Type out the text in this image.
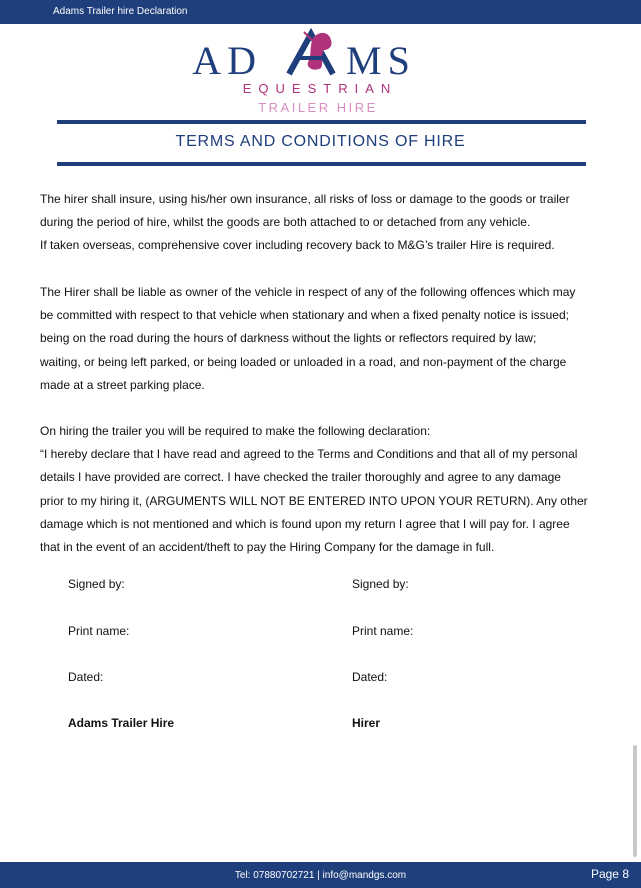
Adams Trailer hire Declaration
AD MS
EQUESTRIAN
TRAILER HIRE
TERMS AND CONDITIONS OF HIRE
The hirer shall insure, using his/her own insurance, all risks of loss or damage to the goods or trailer
during the period of hire, whilst the goods are both attached to or detached from any vehicle.
If taken overseas, comprehensive cover including recovery back to M&G’s trailer Hire is required.
The Hirer shall be liable as owner of the vehicle in respect of any of the following offences which may
be committed with respect to that vehicle when stationary and when a fixed penalty notice is issued;
being on the road during the hours of darkness without the lights or reflectors required by law;
waiting, or being left parked, or being loaded or unloaded in a road, and non-payment of the charge
made at a street parking place.
On hiring the trailer you will be required to make the following declaration:
“I hereby declare that I have read and agreed to the Terms and Conditions and that all of my personal
details I have provided are correct. I have checked the trailer thoroughly and agree to any damage
prior to my hiring it, (ARGUMENTS WILL NOT BE ENTERED INTO UPON YOUR RETURN). Any other
damage which is not mentioned and which is found upon my return I agree that I will pay for. I agree
that in the event of an accident/theft to pay the Hiring Company for the damage in full.
Signed by:	Signed by:
Print name:	Print name:
Dated:	Dated:
Adams Trailer Hire	Hirer
Tel: 07880702721 | info@mandgs.com	Page 8
